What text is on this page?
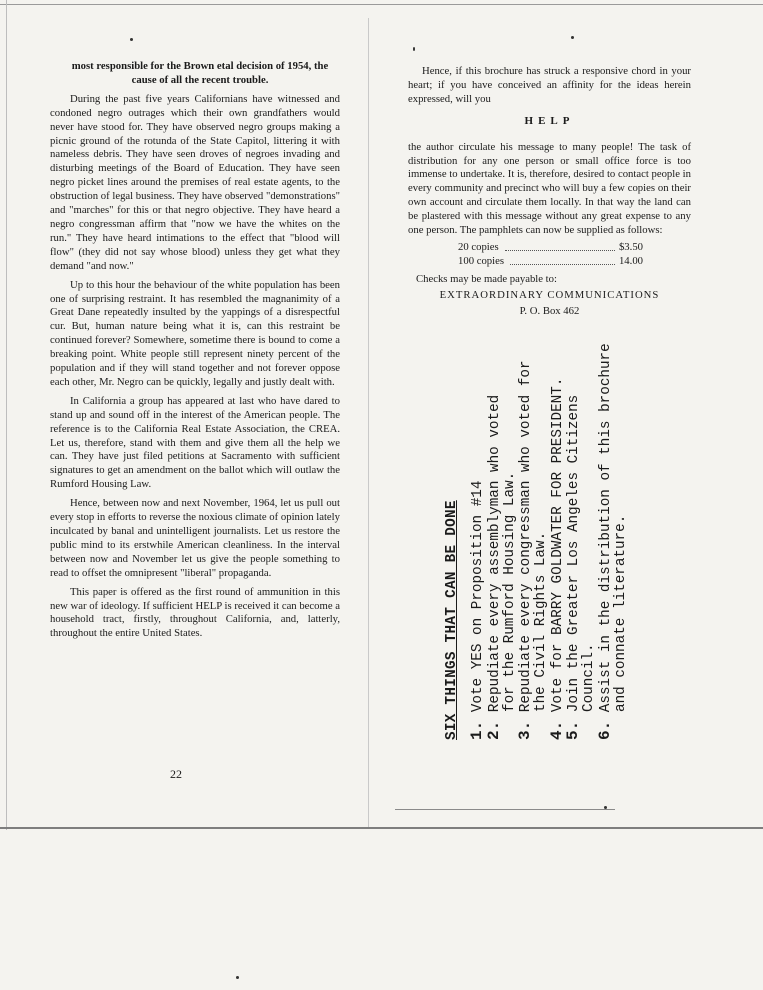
most responsible for the Brown etal decision of 1954, the cause of all the recent trouble.

During the past five years Californians have witnessed and condoned negro outrages which their own grandfathers would never have stood for. They have observed negro groups making a picnic ground of the rotunda of the State Capitol, littering it with nameless debris. They have seen droves of negroes invading and disturbing meetings of the Board of Education. They have seen negro picket lines around the premises of real estate agents, to the obstruction of legal business. They have observed "demonstrations" and "marches" for this or that negro objective. They have heard a negro congressman affirm that "now we have the whites on the run." They have heard intimations to the effect that "blood will flow" (they did not say whose blood) unless they get what they demand "and now."

Up to this hour the behaviour of the white population has been one of surprising restraint. It has resembled the magnanimity of a Great Dane repeatedly insulted by the yappings of a disrespectful cur. But, human nature being what it is, can this restraint be continued forever? Somewhere, sometime there is bound to come a breaking point. White people still represent ninety percent of the population and if they will stand together and not forever oppose each other, Mr. Negro can be quickly, legally and justly dealt with.

In California a group has appeared at last who have dared to stand up and sound off in the interest of the American people. The reference is to the California Real Estate Association, the CREA. Let us, therefore, stand with them and give them all the help we can. They have just filed petitions at Sacramento with sufficient signatures to get an amendment on the ballot which will outlaw the Rumford Housing Law.

Hence, between now and next November, 1964, let us pull out every stop in efforts to reverse the noxious climate of opinion lately inculcated by banal and unintelligent journalists. Let us restore the public mind to its erstwhile American cleanliness. In the interval between now and November let us give the people something to read to offset the omnipresent "liberal" propaganda.

This paper is offered as the first round of ammunition in this new war of ideology. If sufficient HELP is received it can become a household tract, firstly, throughout California, and, latterly, throughout the entire United States.

22

Hence, if this brochure has struck a responsive chord in your heart; if you have conceived an affinity for the ideas herein expressed, will you

HELP

the author circulate his message to many people! The task of distribution for any one person or small office force is too immense to undertake. It is, therefore, desired to contact people in every community and precinct who will buy a few copies on their own account and circulate them locally. In that way the land can be plastered with this message without any great expense to any one person. The pamphlets can now be supplied as follows:

20 copies	$3.50
100 copies	14.00

Checks may be made payable to:

EXTRAORDINARY COMMUNICATIONS

P. O. Box 462

SIX THINGS THAT CAN BE DONE 1. Vote YES on Proposition #14
2. Repudiate every assemblyman who voted for the Rumford Housing Law.
3. Repudiate every congressman who voted for the Civil Rights Law.
4. Vote for BARRY GOLDWATER FOR PRESIDENT.
5. Join the Greater Los Angeles Citizens Council.
6. Assist in the distribution of this brochure and connate literature.
